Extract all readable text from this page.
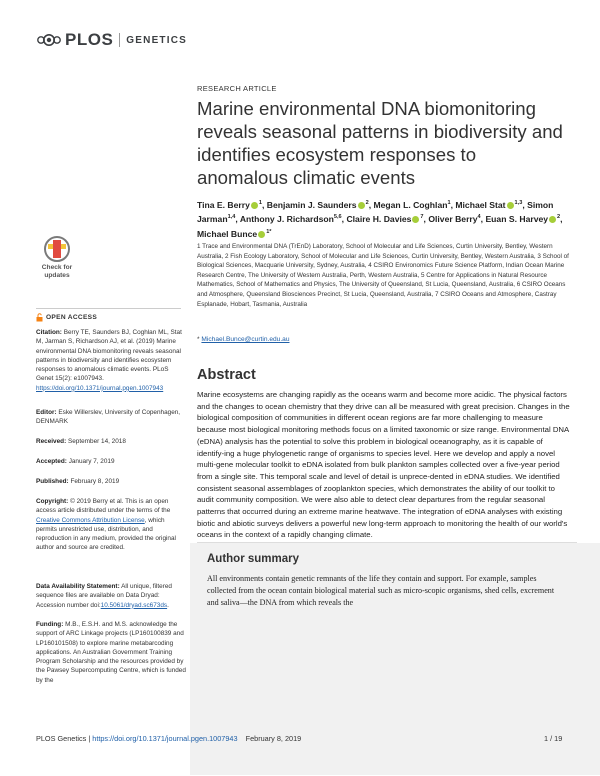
PLOS GENETICS
RESEARCH ARTICLE
Marine environmental DNA biomonitoring reveals seasonal patterns in biodiversity and identifies ecosystem responses to anomalous climatic events
Tina E. Berry $^1$, Benjamin J. Saunders $^2$, Megan L. Coghlan$^1$, Michael Stat $^{1,3}$, Simon Jarman$^{1,4}$, Anthony J. Richardson$^{5,6}$, Claire H. Davies $^7$, Oliver Berry$^4$, Euan S. Harvey $^2$, Michael Bunce $^{1*}$
1 Trace and Environmental DNA (TrEnD) Laboratory, School of Molecular and Life Sciences, Curtin University, Bentley, Western Australia, 2 Fish Ecology Laboratory, School of Molecular and Life Sciences, Curtin University, Bentley, Western Australia, 3 School of Biological Sciences, Macquarie University, Sydney, Australia, 4 CSIRO Environomics Future Science Platform, Indian Ocean Marine Research Centre, The University of Western Australia, Perth, Western Australia, 5 Centre for Applications in Natural Resource Mathematics, School of Mathematics and Physics, The University of Queensland, St Lucia, Queensland, Australia, 6 CSIRO Oceans and Atmosphere, Queensland Biosciences Precinct, St Lucia, Queensland, Australia, 7 CSIRO Oceans and Atmosphere, Castray Esplanade, Hobart, Tasmania, Australia
* Michael.Bunce@curtin.edu.au
Abstract

Marine ecosystems are changing rapidly as the oceans warm and become more acidic. The physical factors and the changes to ocean chemistry that they drive can all be measured with great precision. Changes in the biological composition of communities in different ocean regions are far more challenging to measure because most biological monitoring methods focus on a limited taxonomic or size range. Environmental DNA (eDNA) analysis has the potential to solve this problem in biological oceanography, as it is capable of identify-ing a huge phylogenetic range of organisms to species level. Here we develop and apply a novel multi-gene molecular toolkit to eDNA isolated from bulk plankton samples collected over a five-year period from a single site. This temporal scale and level of detail is unprece-dented in eDNA studies. We identified consistent seasonal assemblages of zooplankton species, which demonstrates the ability of our toolkit to audit community composition. We were also able to detect clear departures from the regular seasonal patterns that occurred during an extreme marine heatwave. The integration of eDNA analyses with existing biotic and abiotic surveys delivers a powerful new long-term approach to monitoring the health of our world's oceans in the context of a rapidly changing climate.

Author summary

All environments contain genetic remnants of the life they contain and support. For example, samples collected from the ocean contain biological material such as micro-scopic organisms, shed cells, excrement and saliva—the DNA from which reveals the

Check for updates
OPEN ACCESS
Citation: Berry TE, Saunders BJ, Coghlan ML, Stat M, Jarman S, Richardson AJ, et al. (2019) Marine environmental DNA biomonitoring reveals seasonal patterns in biodiversity and identifies ecosystem responses to anomalous climatic events. PLoS Genet 15(2): e1007943. https://doi.org/10.1371/journal.pgen.1007943
Editor: Eske Willerslev, University of Copenhagen, DENMARK
Received: September 14, 2018
Accepted: January 7, 2019
Published: February 8, 2019
Copyright: © 2019 Berry et al. This is an open access article distributed under the terms of the Creative Commons Attribution License, which permits unrestricted use, distribution, and reproduction in any medium, provided the original author and source are credited.
Data Availability Statement: All unique, filtered sequence files are available on Data Dryad: Accession number doi:10.5061/dryad.sc673ds.
Funding: M.B., E.S.H. and M.S. acknowledge the support of ARC Linkage projects (LP160100839 and LP160101508) to explore marine metabarcoding applications. An Australian Government Training Program Scholarship and the resources provided by the Pawsey Supercomputing Centre, which is funded by the
PLOS Genetics | https://doi.org/10.1371/journal.pgen.1007943 February 8, 2019	1 / 19
